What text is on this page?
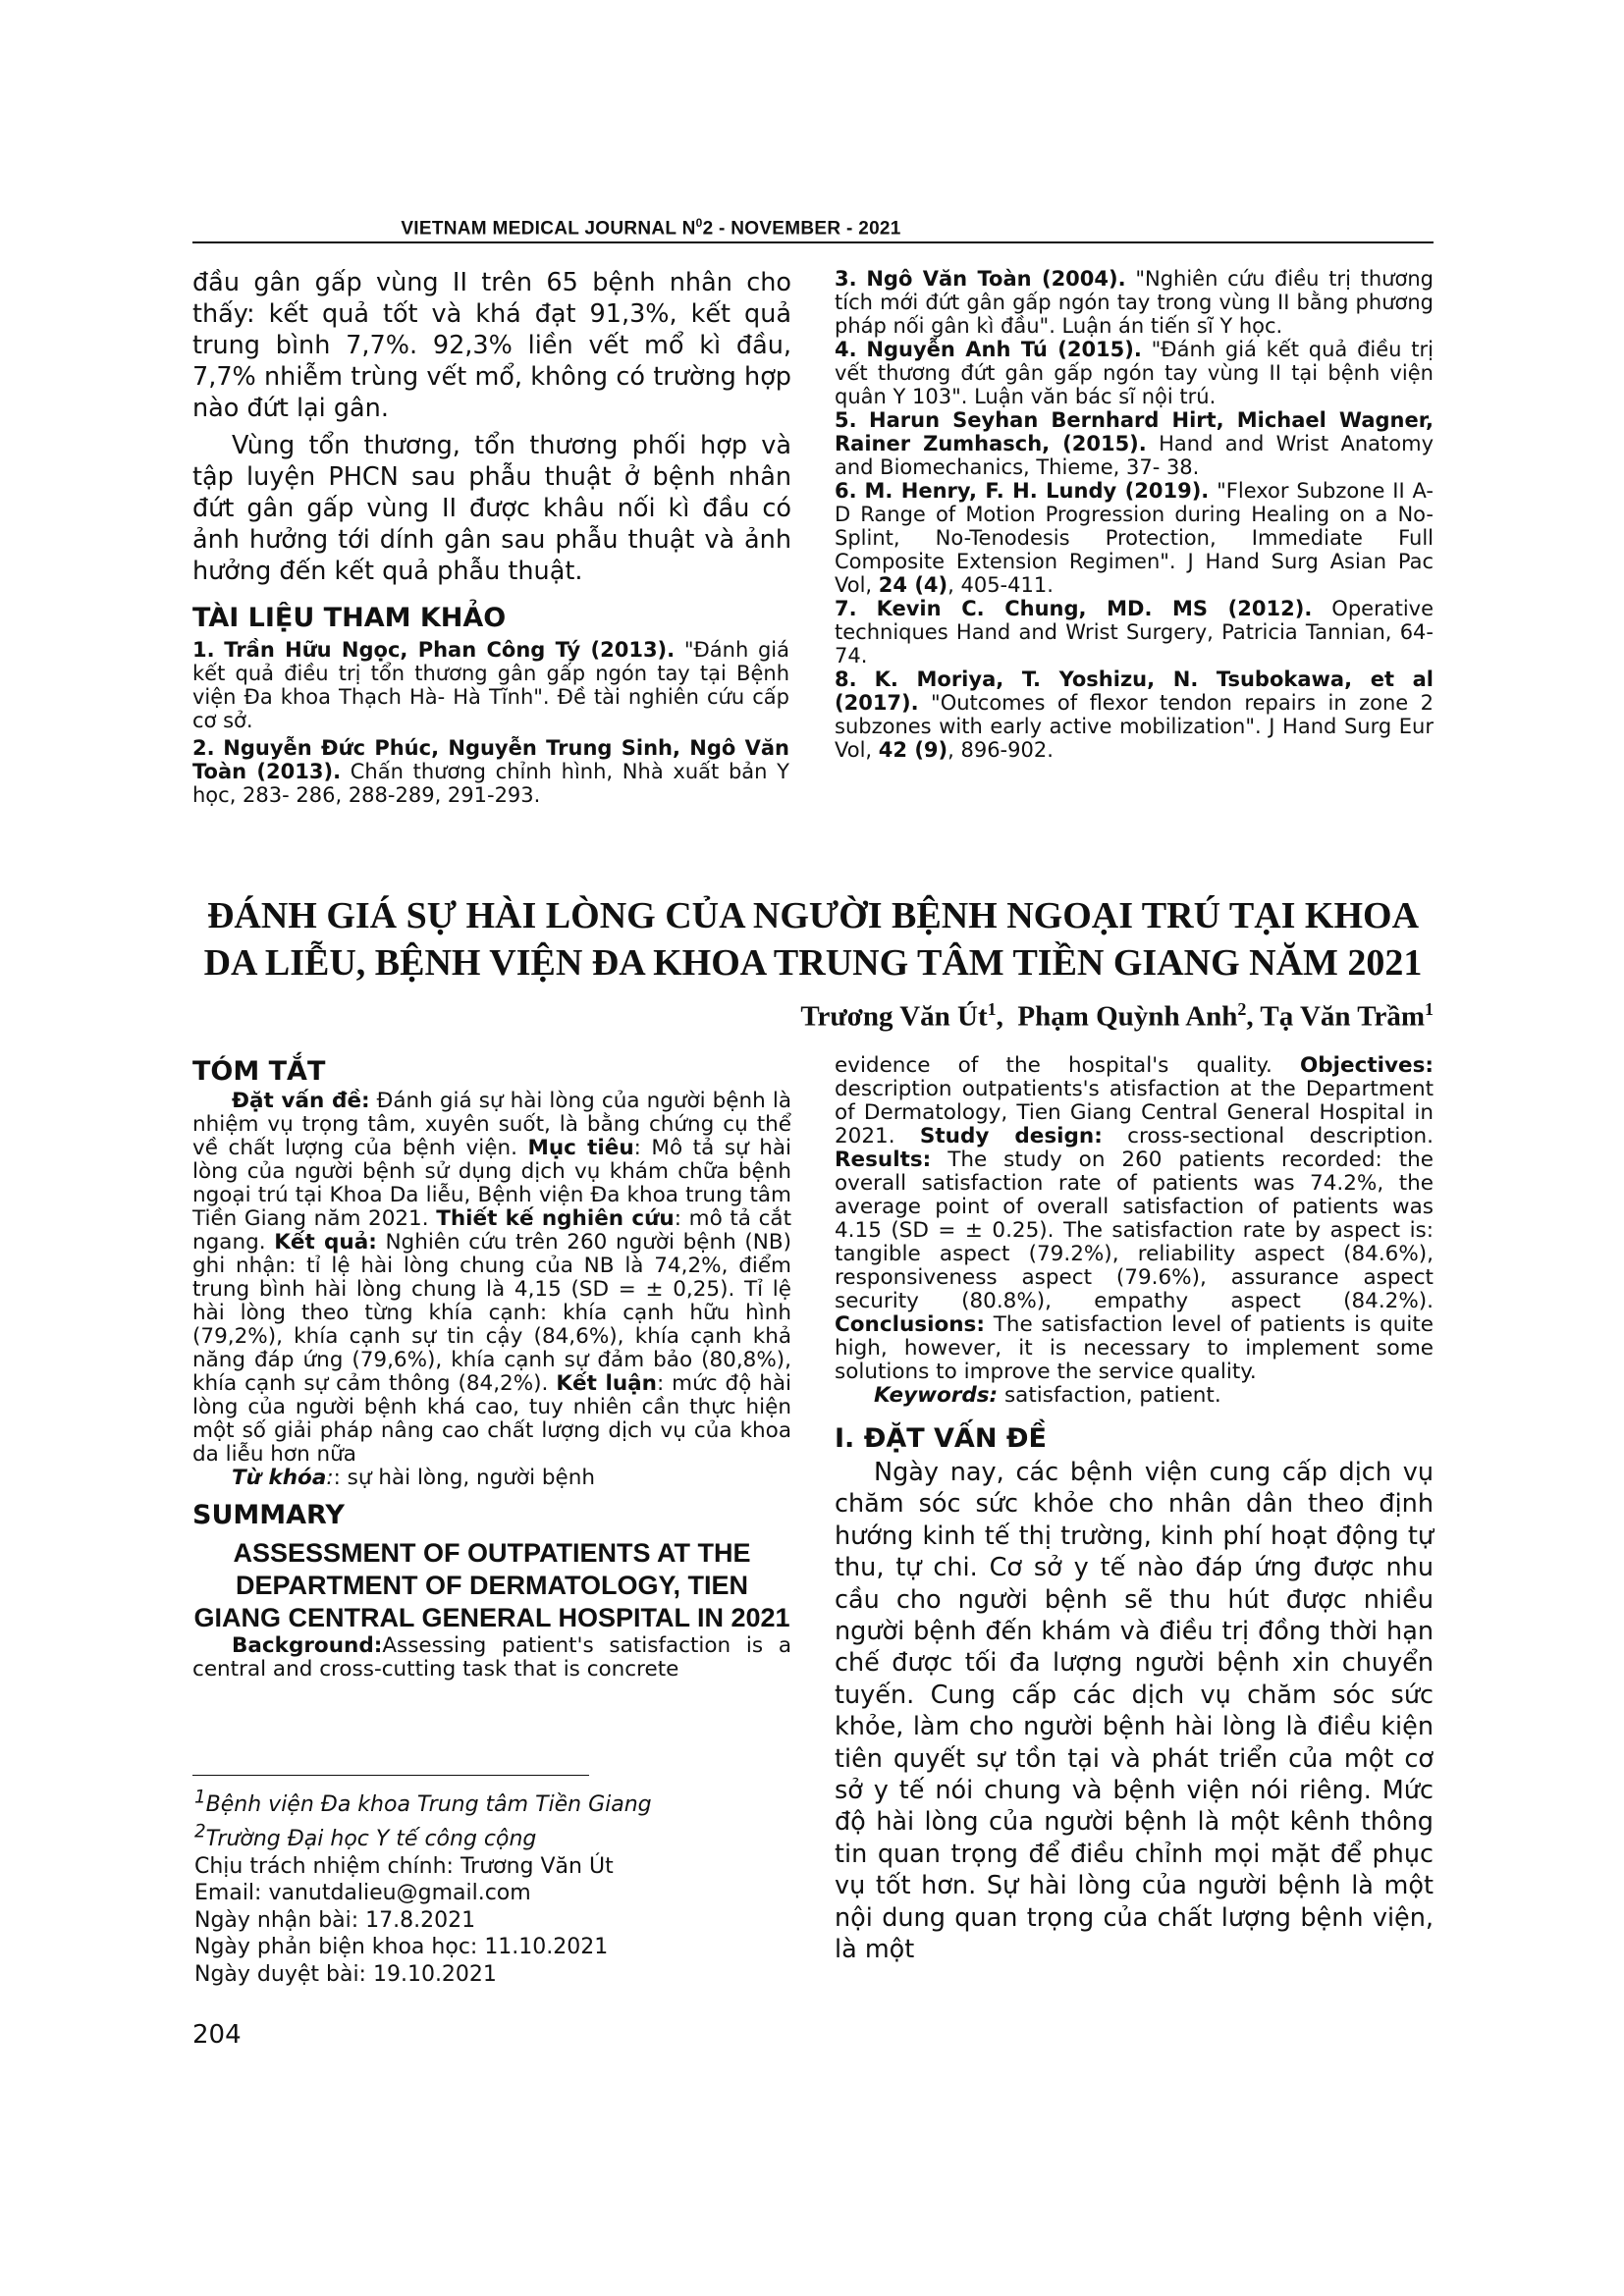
VIETNAM MEDICAL JOURNAL $N^02$ - NOVEMBER - 2021

đầu gân gấp vùng II trên 65 bệnh nhân cho thấy: kết quả tốt và khá đạt 91,3%, kết quả trung bình 7,7%. 92,3% liền vết mổ kì đầu, 7,7% nhiễm trùng vết mổ, không có trường hợp nào đứt lại gân.

Vùng tổn thương, tổn thương phối hợp và tập luyện PHCN sau phẫu thuật ở bệnh nhân đứt gân gấp vùng II được khâu nối kì đầu có ảnh hưởng tới dính gân sau phẫu thuật và ảnh hưởng đến kết quả phẫu thuật.

TÀI LIỆU THAM KHẢO

1. Trần Hữu Ngọc, Phan Công Tý (2013). "Đánh giá kết quả điều trị tổn thương gân gấp ngón tay tại Bệnh viện Đa khoa Thạch Hà- Hà Tĩnh". Đề tài nghiên cứu cấp cơ sở.

2. Nguyễn Đức Phúc, Nguyễn Trung Sinh, Ngô Văn Toàn (2013). Chấn thương chỉnh hình, Nhà xuất bản Y học, 283- 286, 288-289, 291-293.

3. Ngô Văn Toàn (2004). "Nghiên cứu điều trị thương tích mới đứt gân gấp ngón tay trong vùng II bằng phương pháp nối gân kì đầu". Luận án tiến sĩ Y học.

4. Nguyễn Anh Tú (2015). "Đánh giá kết quả điều trị vết thương đứt gân gấp ngón tay vùng II tại bệnh viện quân Y 103". Luận văn bác sĩ nội trú.

5. Harun Seyhan Bernhard Hirt, Michael Wagner, Rainer Zumhasch, (2015). Hand and Wrist Anatomy and Biomechanics, Thieme, 37- 38.

6. M. Henry, F. H. Lundy (2019). "Flexor Subzone II A-D Range of Motion Progression during Healing on a No-Splint, No-Tenodesis Protection, Immediate Full Composite Extension Regimen". J Hand Surg Asian Pac Vol, 24 (4), 405-411.

7. Kevin C. Chung, MD. MS (2012). Operative techniques Hand and Wrist Surgery, Patricia Tannian, 64- 74.

8. K. Moriya, T. Yoshizu, N. Tsubokawa, et al (2017). "Outcomes of flexor tendon repairs in zone 2 subzones with early active mobilization". J Hand Surg Eur Vol, 42 (9), 896-902.

ĐÁNH GIÁ SỰ HÀI LÒNG CỦA NGƯỜI BỆNH NGOẠI TRÚ TẠI KHOA
DA LIỄU, BỆNH VIỆN ĐA KHOA TRUNG TÂM TIỀN GIANG NĂM 2021
Trương Văn $Út^1$,  Phạm Quỳnh Anh$^2$, Tạ Văn Trầm$^1$
TÓM TẮT

Đặt vấn đề: Đánh giá sự hài lòng của người bệnh là nhiệm vụ trọng tâm, xuyên suốt, là bằng chứng cụ thể về chất lượng của bệnh viện. Mục tiêu: Mô tả sự hài lòng của người bệnh sử dụng dịch vụ khám chữa bệnh ngoại trú tại Khoa Da liễu, Bệnh viện Đa khoa trung tâm Tiền Giang năm 2021. Thiết kế nghiên cứu: mô tả cắt ngang. Kết quả: Nghiên cứu trên 260 người bệnh (NB) ghi nhận: tỉ lệ hài lòng chung của NB là 74,2%, điểm trung bình hài lòng chung là 4,15 (SD = ± 0,25). Tỉ lệ hài lòng theo từng khía cạnh: khía cạnh hữu hình (79,2%), khía cạnh sự tin cậy (84,6%), khía cạnh khả năng đáp ứng (79,6%), khía cạnh sự đảm bảo (80,8%), khía cạnh sự cảm thông (84,2%). Kết luận: mức độ hài lòng của người bệnh khá cao, tuy nhiên cần thực hiện một số giải pháp nâng cao chất lượng dịch vụ của khoa da liễu hơn nữa

Từ khóa:: sự hài lòng, người bệnh

SUMMARY
ASSESSMENT OF OUTPATIENTS AT THE DEPARTMENT OF DERMATOLOGY, TIEN GIANG CENTRAL GENERAL HOSPITAL IN 2021

Background:Assessing patient's satisfaction is a central and cross-cutting task that is concrete

evidence of the hospital's quality. Objectives: description outpatients's atisfaction at the Department of Dermatology, Tien Giang Central General Hospital in 2021. Study design: cross-sectional description. Results: The study on 260 patients recorded: the overall satisfaction rate of patients was 74.2%, the average point of overall satisfaction of patients was 4.15 (SD = ± 0.25). The satisfaction rate by aspect is: tangible aspect (79.2%), reliability aspect (84.6%), responsiveness aspect (79.6%), assurance aspect security (80.8%), empathy aspect (84.2%). Conclusions: The satisfaction level of patients is quite high, however, it is necessary to implement some solutions to improve the service quality.

Keywords: satisfaction, patient.

I. ĐẶT VẤN ĐỀ

Ngày nay, các bệnh viện cung cấp dịch vụ chăm sóc sức khỏe cho nhân dân theo định hướng kinh tế thị trường, kinh phí hoạt động tự thu, tự chi. Cơ sở y tế nào đáp ứng được nhu cầu cho người bệnh sẽ thu hút được nhiều người bệnh đến khám và điều trị đồng thời hạn chế được tối đa lượng người bệnh xin chuyển tuyến. Cung cấp các dịch vụ chăm sóc sức khỏe, làm cho người bệnh hài lòng là điều kiện tiên quyết sự tồn tại và phát triển của một cơ sở y tế nói chung và bệnh viện nói riêng. Mức độ hài lòng của người bệnh là một kênh thông tin quan trọng để điều chỉnh mọi mặt để phục vụ tốt hơn. Sự hài lòng của người bệnh là một nội dung quan trọng của chất lượng bệnh viện, là một

$^1$Bệnh viện Đa khoa Trung tâm Tiền Giang
$^2$Trường Đại học Y tế công cộng
Chịu trách nhiệm chính: Trương Văn Út
Email: vanutdalieu@gmail.com
Ngày nhận bài: 17.8.2021
Ngày phản biện khoa học: 11.10.2021
Ngày duyệt bài: 19.10.2021
204
